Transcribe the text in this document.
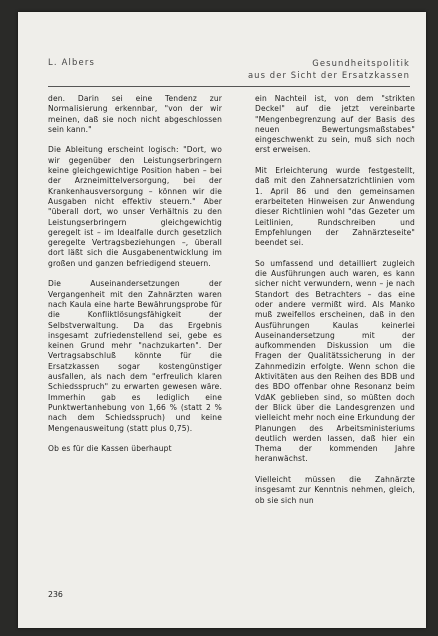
L. Albers	Gesundheitspolitik
aus der Sicht der Ersatzkassen

den. Darin sei eine Tendenz zur Normalisierung erkennbar, "von der wir meinen, daß sie noch nicht abgeschlossen sein kann."

Die Ableitung erscheint logisch: "Dort, wo wir gegenüber den Leistungserbringern keine gleichgewichtige Position haben – bei der Arzneimittelversorgung, bei der Krankenhausversorgung – können wir die Ausgaben nicht effektiv steuern." Aber "überall dort, wo unser Verhältnis zu den Leistungserbringern gleichgewichtig geregelt ist – im Idealfalle durch gesetzlich geregelte Vertragsbeziehungen –, überall dort läßt sich die Ausgabenentwicklung im großen und ganzen befriedigend steuern.

Die Auseinandersetzungen der Vergangenheit mit den Zahnärzten waren nach Kaula eine harte Bewährungsprobe für die Konfliktlösungsfähigkeit der Selbstverwaltung. Da das Ergebnis insgesamt zufriedenstellend sei, gebe es keinen Grund mehr "nachzukarten". Der Vertragsabschluß könnte für die Ersatzkassen sogar kostengünstiger ausfallen, als nach dem "erfreulich klaren Schiedsspruch" zu erwarten gewesen wäre. Immerhin gab es lediglich eine Punktwertanhebung von 1,66 % (statt 2 % nach dem Schiedsspruch) und keine Mengenausweitung (statt plus 0,75).

Ob es für die Kassen überhaupt

ein Nachteil ist, von dem "strikten Deckel" auf die jetzt vereinbarte "Mengenbegrenzung auf der Basis des neuen Bewertungsmaßstabes" eingeschwenkt zu sein, muß sich noch erst erweisen.

Mit Erleichterung wurde festgestellt, daß mit den Zahnersatzrichtlinien vom 1. April 86 und den gemeinsamen erarbeiteten Hinweisen zur Anwendung dieser Richtlinien wohl "das Gezeter um Leitlinien, Rundschreiben und Empfehlungen der Zahnärzteseite" beendet sei.

So umfassend und detailliert zugleich die Ausführungen auch waren, es kann sicher nicht verwundern, wenn – je nach Standort des Betrachters – das eine oder andere vermißt wird. Als Manko muß zweifellos erscheinen, daß in den Ausführungen Kaulas keinerlei Auseinandersetzung mit der aufkommenden Diskussion um die Fragen der Qualitätssicherung in der Zahnmedizin erfolgte. Wenn schon die Aktivitäten aus den Reihen des BDB und des BDO offenbar ohne Resonanz beim VdAK geblieben sind, so müßten doch der Blick über die Landesgrenzen und vielleicht mehr noch eine Erkundung der Planungen des Arbeitsministeriums deutlich werden lassen, daß hier ein Thema der kommenden Jahre heranwächst.

Vielleicht müssen die Zahnärzte insgesamt zur Kenntnis nehmen, gleich, ob sie sich nun

236
